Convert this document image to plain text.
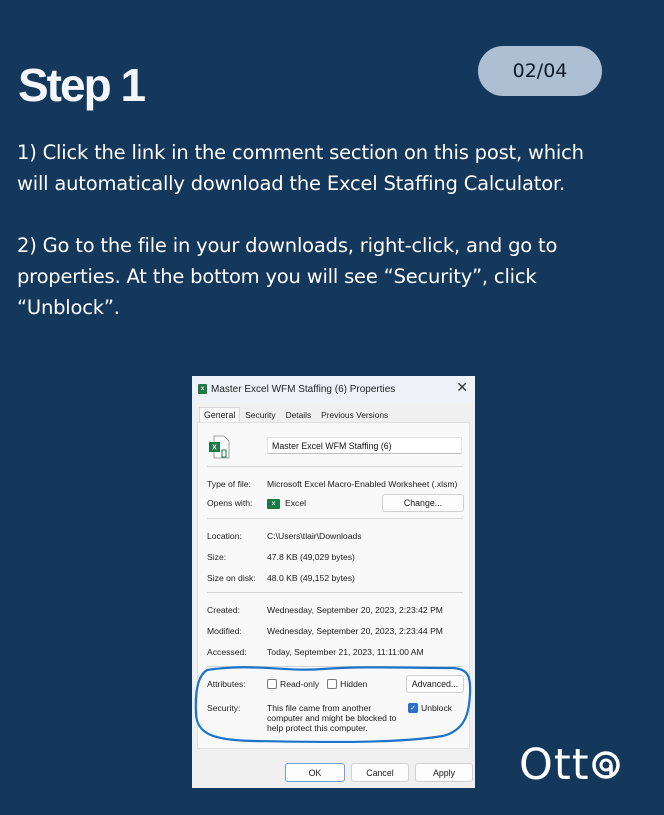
Step 1	02/04

1) Click the link in the comment section on this post, which will automatically download the Excel Staffing Calculator.

2) Go to the file in your downloads, right-click, and go to properties. At the bottom you will see “Security”, click “Unblock”.

x Master Excel WFM Staffing (6) Properties	✕
General	Security	Details	Previous Versions
X	Master Excel WFM Staffing (6)
Type of file:	Microsoft Excel Macro-Enabled Worksheet (.xlsm)
Opens with:	x Excel	Change...
Location:	C:\Users\tlair\Downloads
Size:	47.8 KB (49,029 bytes)
Size on disk:	48.0 KB (49,152 bytes)
Created:	Wednesday, September 20, 2023, 2:23:42 PM
Modified:	Wednesday, September 20, 2023, 2:23:44 PM
Accessed:	Today, September 21, 2023, 11:11:00 AM
Attributes:	Read-only Hidden	Advanced...
Security:	This file came from another computer and might be blocked to help protect this computer.
✓ Unblock
OK	Cancel	Apply	Ott
